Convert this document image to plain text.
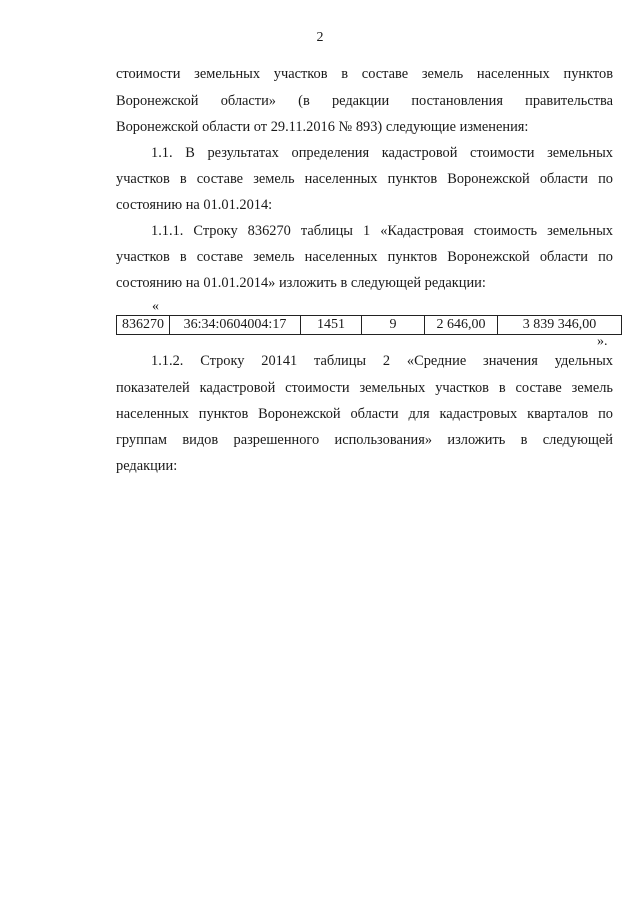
2
стоимости земельных участков в составе земель населенных пунктов
Воронежской области» (в редакции постановления правительства
Воронежской области от 29.11.2016 № 893) следующие изменения:
1.1. В результатах определения кадастровой стоимости земельных
участков в составе земель населенных пунктов Воронежской области по
состоянию на 01.01.2014:
1.1.1. Строку 836270 таблицы 1 «Кадастровая стоимость земельных
участков в составе земель населенных пунктов Воронежской области по
состоянию на 01.01.2014» изложить в следующей редакции:
«
836270	36:34:0604004:17	1451	9	2 646,00	3 839 346,00
».
1.1.2. Строку 20141 таблицы 2 «Средние значения удельных
показателей кадастровой стоимости земельных участков в составе земель
населенных пунктов Воронежской области для кадастровых кварталов по
группам видов разрешенного использования» изложить в следующей
редакции:
